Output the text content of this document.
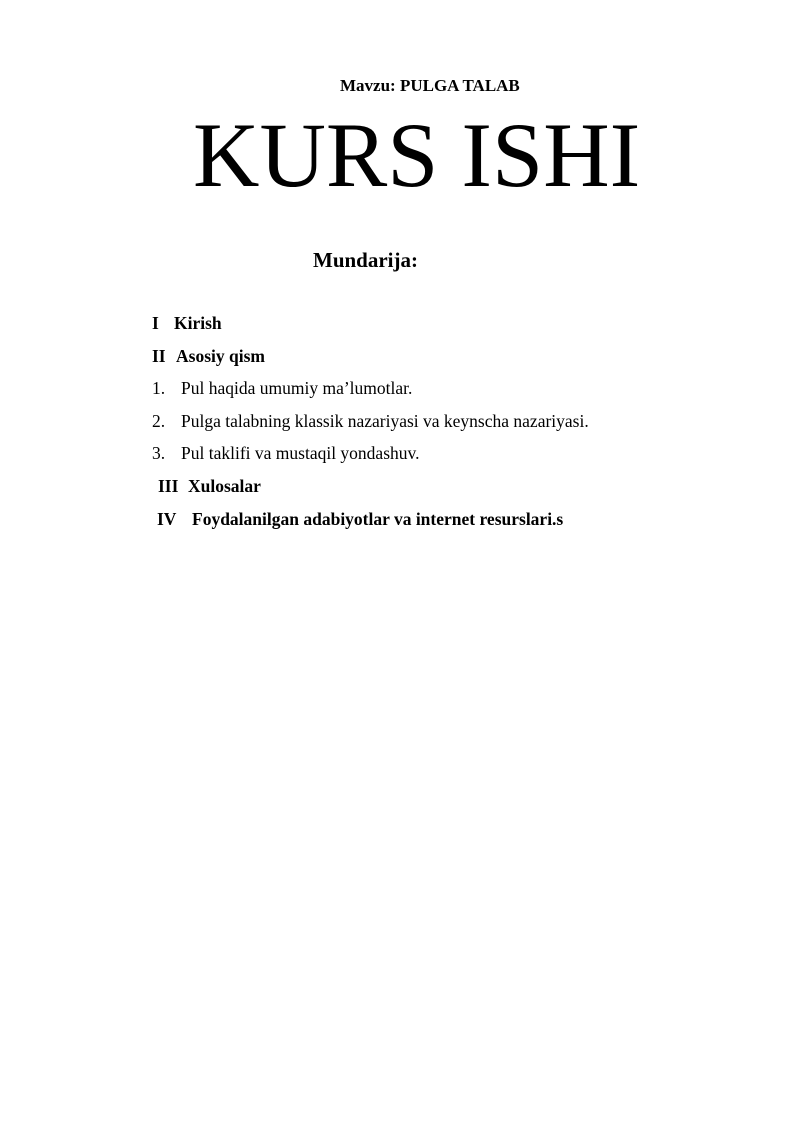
Mavzu: PULGA TALAB
KURS ISHI
Mundarija:
I Kirish
II Asosiy qism
1. Pul haqida umumiy ma’lumotlar.
2. Pulga talabning klassik nazariyasi va keynscha nazariyasi.
3. Pul taklifi va mustaqil yondashuv.
III Xulosalar
IV Foydalanilgan adabiyotlar va internet resurslari.s
